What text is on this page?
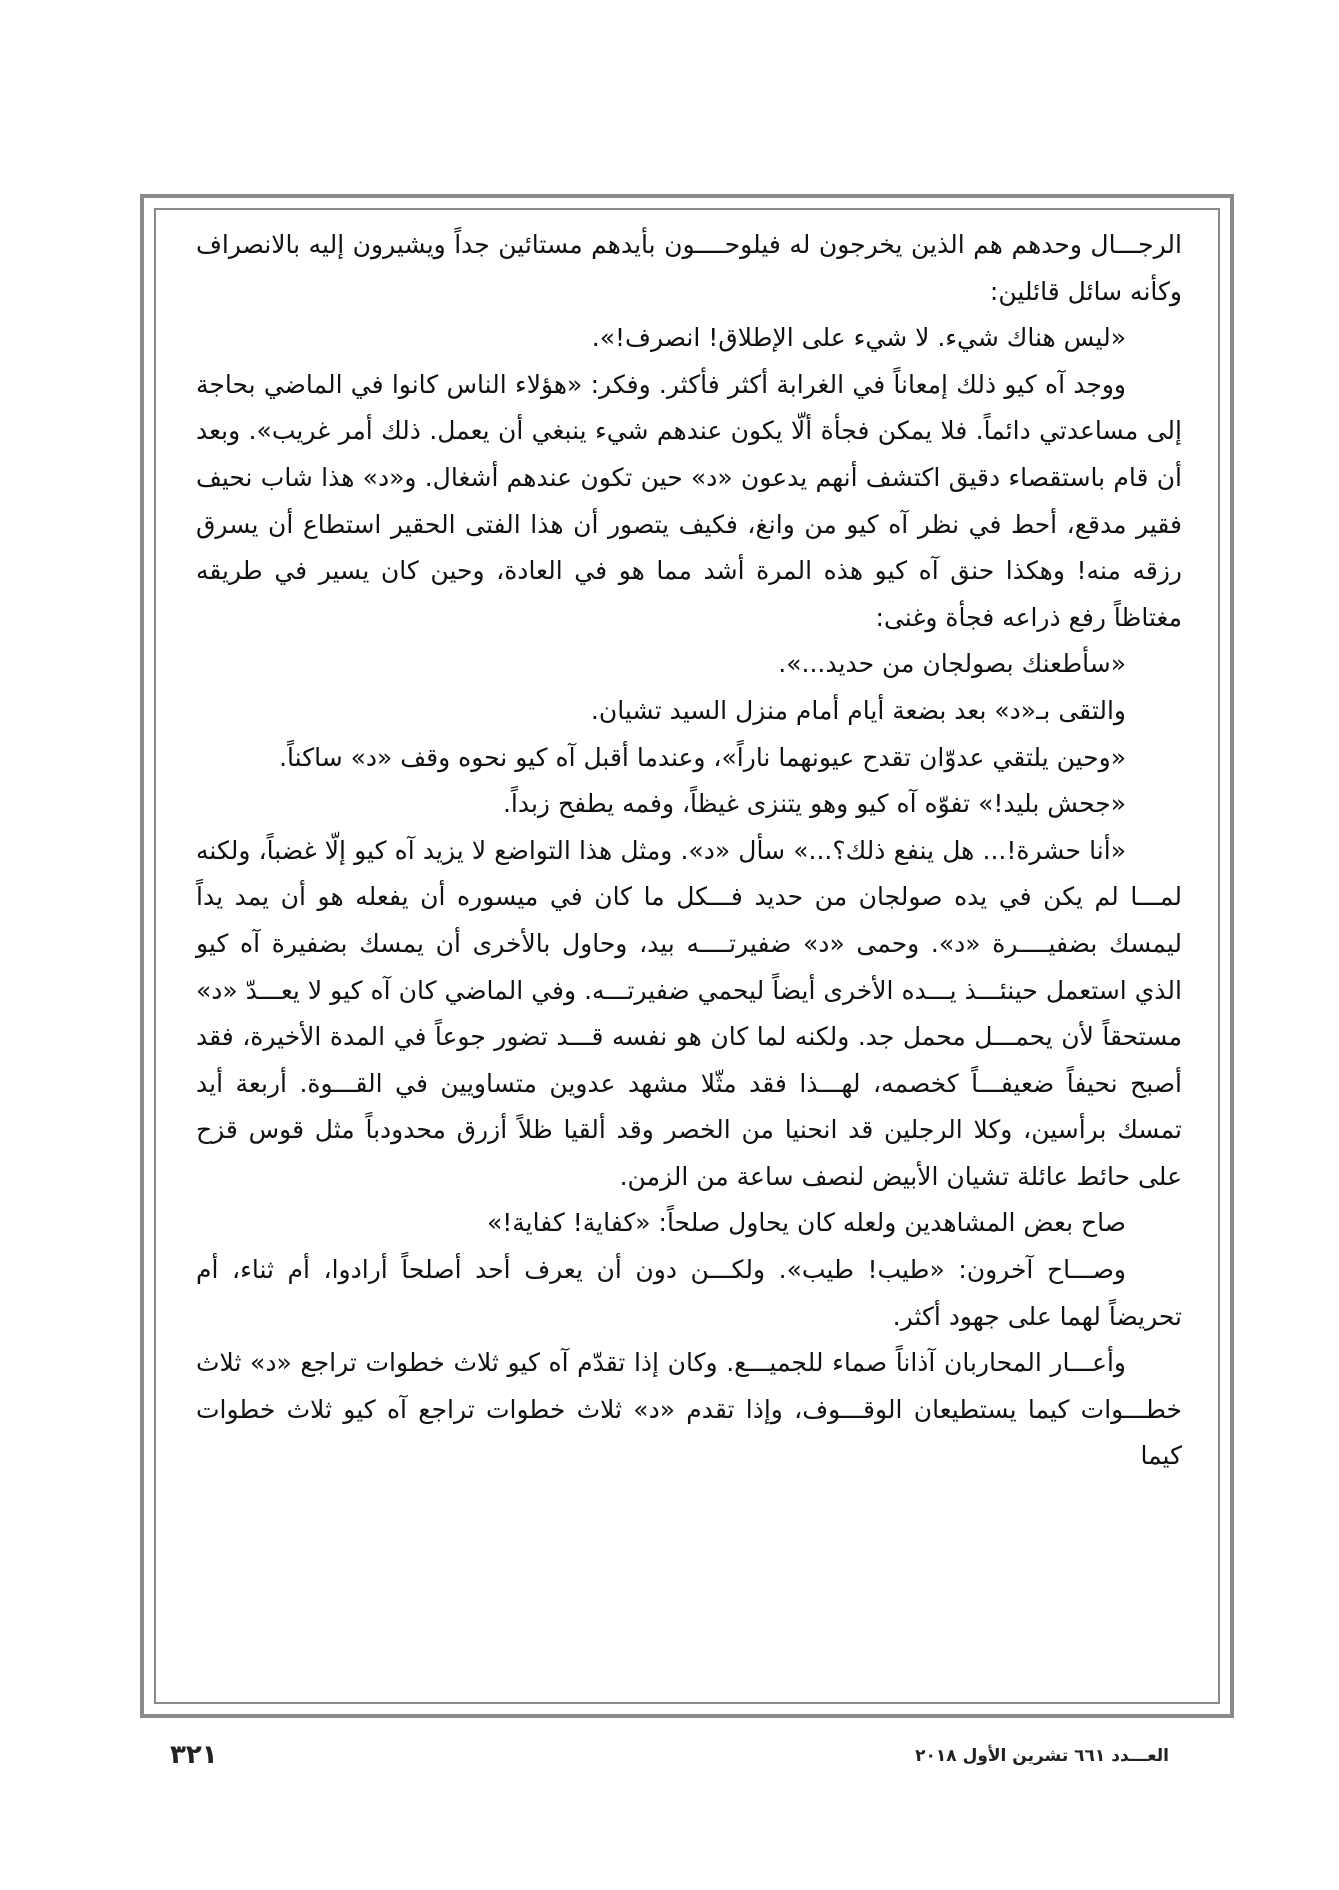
الرجـــال وحدهم هم الذين يخرجون له فيلوحــــون بأيدهم مستائين جداً ويشيرون إليه بالانصراف وكأنه سائل قائلين:

«ليس هناك شيء. لا شيء على الإطلاق! انصرف!».

ووجد آه كيو ذلك إمعاناً في الغرابة أكثر فأكثر. وفكر: «هؤلاء الناس كانوا في الماضي بحاجة إلى مساعدتي دائماً. فلا يمكن فجأة ألّا يكون عندهم شيء ينبغي أن يعمل. ذلك أمر غريب». وبعد أن قام باستقصاء دقيق اكتشف أنهم يدعون «د» حين تكون عندهم أشغال. و«د» هذا شاب نحيف فقير مدقع، أحط في نظر آه كيو من وانغ، فكيف يتصور أن هذا الفتى الحقير استطاع أن يسرق رزقه منه! وهكذا حنق آه كيو هذه المرة أشد مما هو في العادة، وحين كان يسير في طريقه مغتاظاً رفع ذراعه فجأة وغنى:

«سأطعنك بصولجان من حديد...».

والتقى بـ«د» بعد بضعة أيام أمام منزل السيد تشيان.

«وحين يلتقي عدوّان تقدح عيونهما ناراً»، وعندما أقبل آه كيو نحوه وقف «د» ساكناً.

«جحش بليد!» تفوّه آه كيو وهو يتنزى غيظاً، وفمه يطفح زبداً.

«أنا حشرة!... هل ينفع ذلك؟...» سأل «د». ومثل هذا التواضع لا يزيد آه كيو إلّا غضباً، ولكنه لمـــا لم يكن في يده صولجان من حديد فـــكل ما كان في ميسوره أن يفعله هو أن يمد يداً ليمسك بضفيــــرة «د». وحمى «د» ضفيرتــــه بيد، وحاول بالأخرى أن يمسك بضفيرة آه كيو الذي استعمل حينئـــذ يـــده الأخرى أيضاً ليحمي ضفيرتـــه. وفي الماضي كان آه كيو لا يعـــدّ «د» مستحقاً لأن يحمـــل محمل جد. ولكنه لما كان هو نفسه قـــد تضور جوعاً في المدة الأخيرة، فقد أصبح نحيفاً ضعيفـــاً كخصمه، لهـــذا فقد مثّلا مشهد عدوين متساويين في القـــوة. أربعة أيد تمسك برأسين، وكلا الرجلين قد انحنيا من الخصر وقد ألقيا ظلاً أزرق محدودباً مثل قوس قزح على حائط عائلة تشيان الأبيض لنصف ساعة من الزمن.

صاح بعض المشاهدين ولعله كان يحاول صلحاً: «كفاية! كفاية!»

وصـــاح آخرون: «طيب! طيب». ولكـــن دون أن يعرف أحد أصلحاً أرادوا، أم ثناء، أم تحريضاً لهما على جهود أكثر.

وأعـــار المحاربان آذاناً صماء للجميـــع. وكان إذا تقدّم آه كيو ثلاث خطوات تراجع «د» ثلاث خطـــوات كيما يستطيعان الوقـــوف، وإذا تقدم «د» ثلاث خطوات تراجع آه كيو ثلاث خطوات كيما

العـــدد ٦٦١ تشرين الأول ٢٠١٨
٣٢١
